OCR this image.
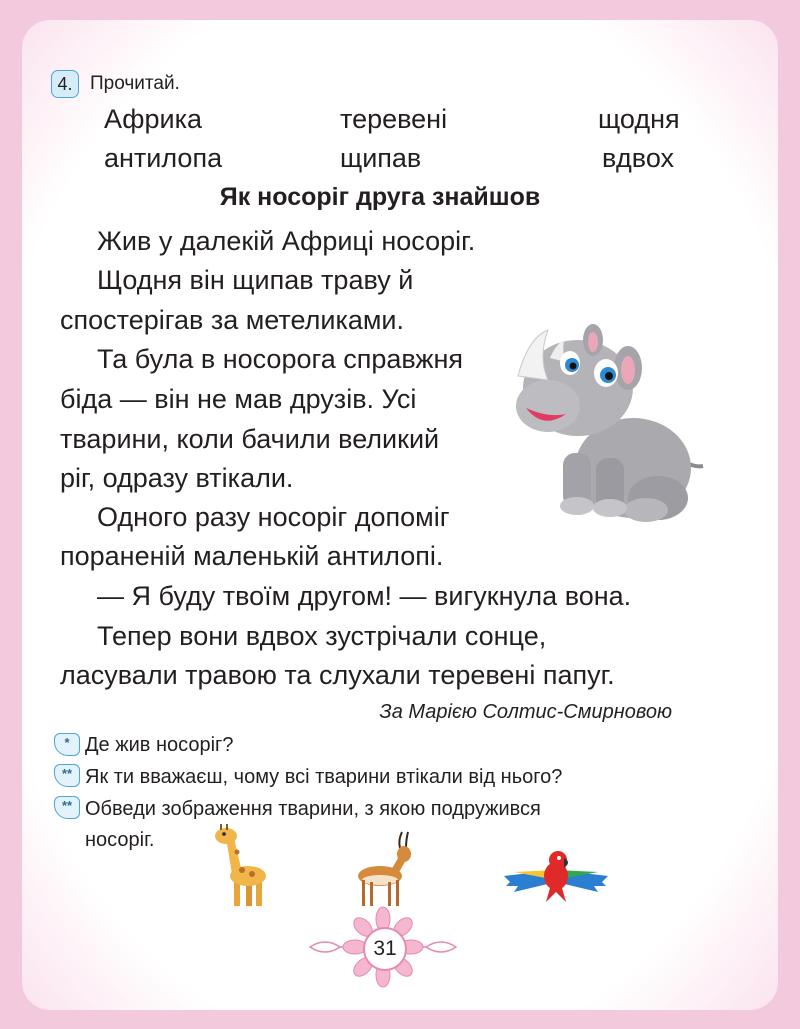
4. Прочитай.
Африка	теревені	щодня
антилопа	щипав	вдвох
Як носоріг друга знайшов

Жив у далекій Африці носоріг.

Щодня він щипав траву й

спостерігав за метеликами.

Та була в носорога справжня

біда — він не мав друзів. Усі

тварини, коли бачили великий

ріг, одразу втікали.

Одного разу носоріг допоміг

пораненій маленькій антилопі.

— Я буду твоїм другом! — вигукнула вона.

Тепер вони вдвох зустрічали сонце,

ласували травою та слухали теревені папуг.

За Марією Солтис-Смирновою
* Де жив носоріг?
** Як ти вважаєш, чому всі тварини втікали від нього?
** Обведи зображення тварини, з якою подружився
носоріг.
31
